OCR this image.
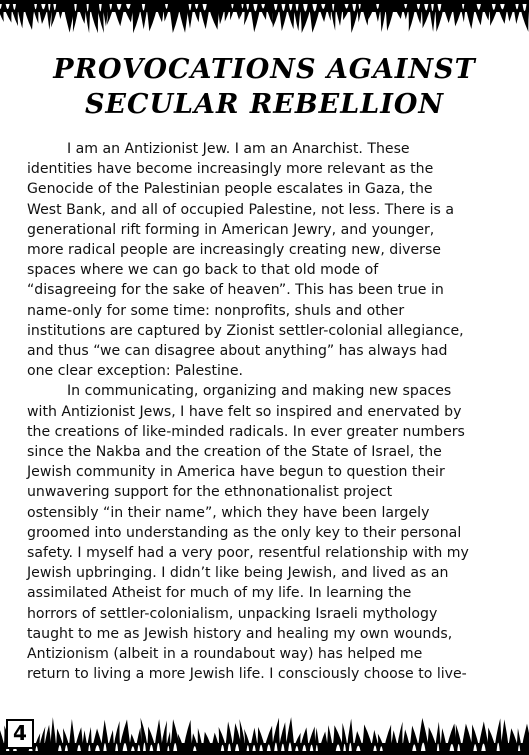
PROVOCATIONS AGAINST
SECULAR REBELLION

I am an Antizionist Jew. I am an Anarchist. These
identities have become increasingly more relevant as the
Genocide of the Palestinian people escalates in Gaza, the
West Bank, and all of occupied Palestine, not less. There is a
generational rift forming in American Jewry, and younger,
more radical people are increasingly creating new, diverse
spaces where we can go back to that old mode of
“disagreeing for the sake of heaven”. This has been true in
name-only for some time: nonprofits, shuls and other
institutions are captured by Zionist settler-colonial allegiance,
and thus “we can disagree about anything” has always had
one clear exception: Palestine.

In communicating, organizing and making new spaces
with Antizionist Jews, I have felt so inspired and enervated by
the creations of like-minded radicals. In ever greater numbers
since the Nakba and the creation of the State of Israel, the
Jewish community in America have begun to question their
unwavering support for the ethnonationalist project
ostensibly “in their name”, which they have been largely
groomed into understanding as the only key to their personal
safety. I myself had a very poor, resentful relationship with my
Jewish upbringing. I didn’t like being Jewish, and lived as an
assimilated Atheist for much of my life. In learning the
horrors of settler-colonialism, unpacking Israeli mythology
taught to me as Jewish history and healing my own wounds,
Antizionism (albeit in a roundabout way) has helped me
return to living a more Jewish life. I consciously choose to live-

4
